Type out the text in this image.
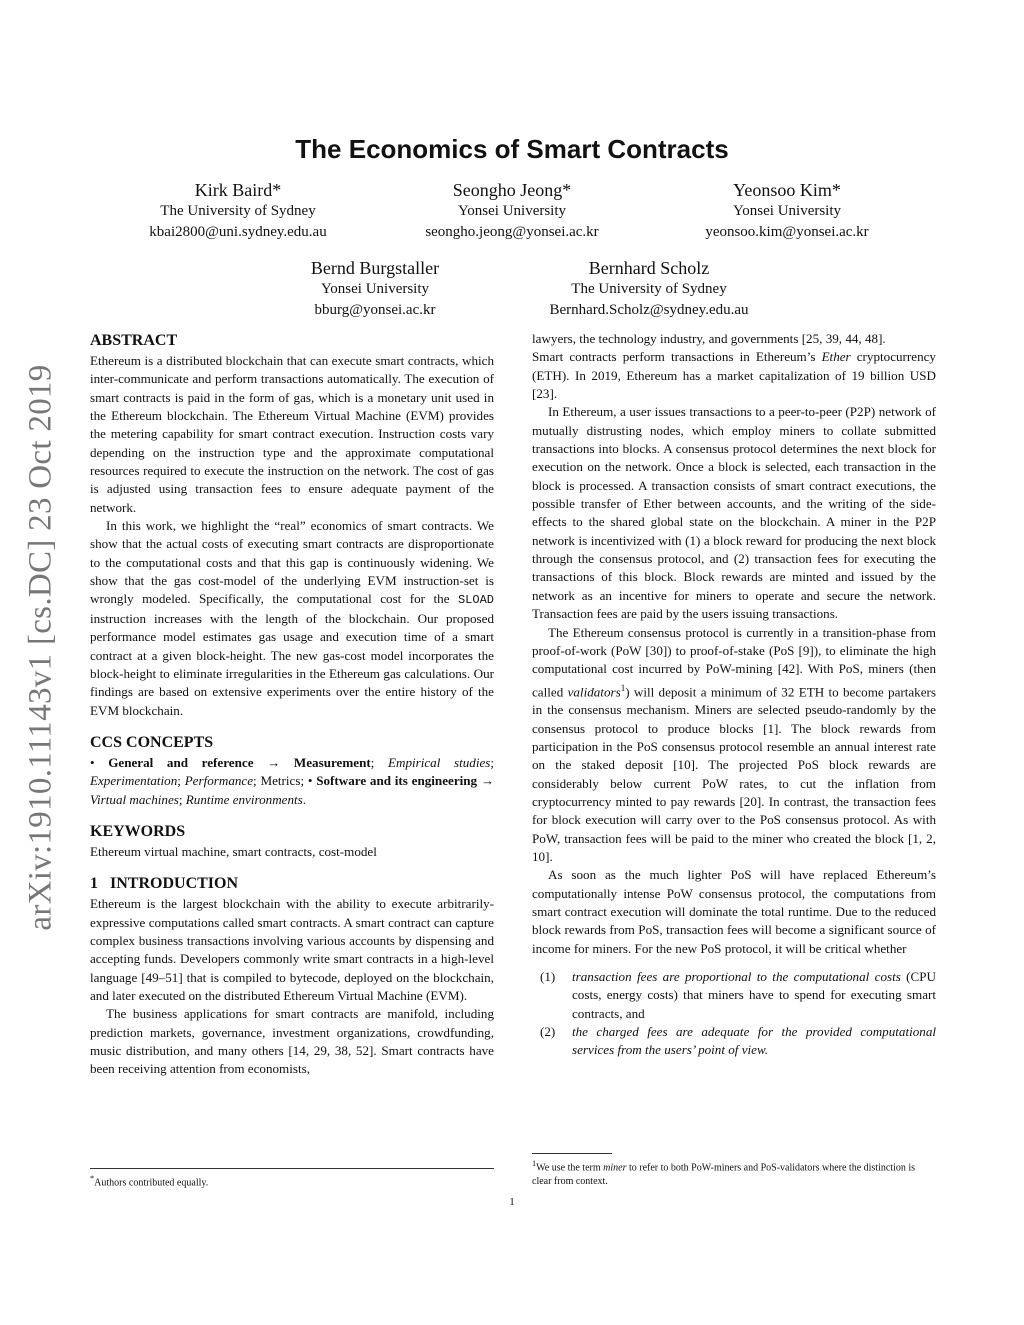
arXiv:1910.11143v1 [cs.DC] 23 Oct 2019
The Economics of Smart Contracts
Kirk Baird*
The University of Sydney
kbai2800@uni.sydney.edu.au
Seongho Jeong*
Yonsei University
seongho.jeong@yonsei.ac.kr
Yeonsoo Kim*
Yonsei University
yeonsoo.kim@yonsei.ac.kr
Bernd Burgstaller
Yonsei University
bburg@yonsei.ac.kr
Bernhard Scholz
The University of Sydney
Bernhard.Scholz@sydney.edu.au
ABSTRACT

Ethereum is a distributed blockchain that can execute smart contracts, which inter-communicate and perform transactions automatically. The execution of smart contracts is paid in the form of gas, which is a monetary unit used in the Ethereum blockchain. The Ethereum Virtual Machine (EVM) provides the metering capability for smart contract execution. Instruction costs vary depending on the instruction type and the approximate computational resources required to execute the instruction on the network. The cost of gas is adjusted using transaction fees to ensure adequate payment of the network.

In this work, we highlight the “real” economics of smart contracts. We show that the actual costs of executing smart contracts are disproportionate to the computational costs and that this gap is continuously widening. We show that the gas cost-model of the underlying EVM instruction-set is wrongly modeled. Specifically, the computational cost for the SLOAD instruction increases with the length of the blockchain. Our proposed performance model estimates gas usage and execution time of a smart contract at a given block-height. The new gas-cost model incorporates the block-height to eliminate irregularities in the Ethereum gas calculations. Our findings are based on extensive experiments over the entire history of the EVM blockchain.

CCS CONCEPTS

• General and reference → Measurement; Empirical studies; Experimentation; Performance; Metrics; • Software and its engineering → Virtual machines; Runtime environments.

KEYWORDS

Ethereum virtual machine, smart contracts, cost-model

1   INTRODUCTION

Ethereum is the largest blockchain with the ability to execute arbitrarily-expressive computations called smart contracts. A smart contract can capture complex business transactions involving various accounts by dispensing and accepting funds. Developers commonly write smart contracts in a high-level language [49–51] that is compiled to bytecode, deployed on the blockchain, and later executed on the distributed Ethereum Virtual Machine (EVM).

The business applications for smart contracts are manifold, including prediction markets, governance, investment organizations, crowdfunding, music distribution, and many others [14, 29, 38, 52]. Smart contracts have been receiving attention from economists,

*Authors contributed equally.

lawyers, the technology industry, and governments [25, 39, 44, 48].

Smart contracts perform transactions in Ethereum’s Ether cryptocurrency (ETH). In 2019, Ethereum has a market capitalization of 19 billion USD [23].

In Ethereum, a user issues transactions to a peer-to-peer (P2P) network of mutually distrusting nodes, which employ miners to collate submitted transactions into blocks. A consensus protocol determines the next block for execution on the network. Once a block is selected, each transaction in the block is processed. A transaction consists of smart contract executions, the possible transfer of Ether between accounts, and the writing of the side-effects to the shared global state on the blockchain. A miner in the P2P network is incentivized with (1) a block reward for producing the next block through the consensus protocol, and (2) transaction fees for executing the transactions of this block. Block rewards are minted and issued by the network as an incentive for miners to operate and secure the network. Transaction fees are paid by the users issuing transactions.

The Ethereum consensus protocol is currently in a transition-phase from proof-of-work (PoW [30]) to proof-of-stake (PoS [9]), to eliminate the high computational cost incurred by PoW-mining [42]. With PoS, miners (then called validators$^1$) will deposit a minimum of 32 ETH to become partakers in the consensus mechanism. Miners are selected pseudo-randomly by the consensus protocol to produce blocks [1]. The block rewards from participation in the PoS consensus protocol resemble an annual interest rate on the staked deposit [10]. The projected PoS block rewards are considerably below current PoW rates, to cut the inflation from cryptocurrency minted to pay rewards [20]. In contrast, the transaction fees for block execution will carry over to the PoS consensus protocol. As with PoW, transaction fees will be paid to the miner who created the block [1, 2, 10].

As soon as the much lighter PoS will have replaced Ethereum’s computationally intense PoW consensus protocol, the computations from smart contract execution will dominate the total runtime. Due to the reduced block rewards from PoS, transaction fees will become a significant source of income for miners. For the new PoS protocol, it will be critical whether

(1)	transaction fees are proportional to the computational costs (CPU costs, energy costs) that miners have to spend for executing smart contracts, and
(2)	the charged fees are adequate for the provided computational services from the users’ point of view.
$^1$We use the term miner to refer to both PoW-miners and PoS-validators where the distinction is clear from context.
1
